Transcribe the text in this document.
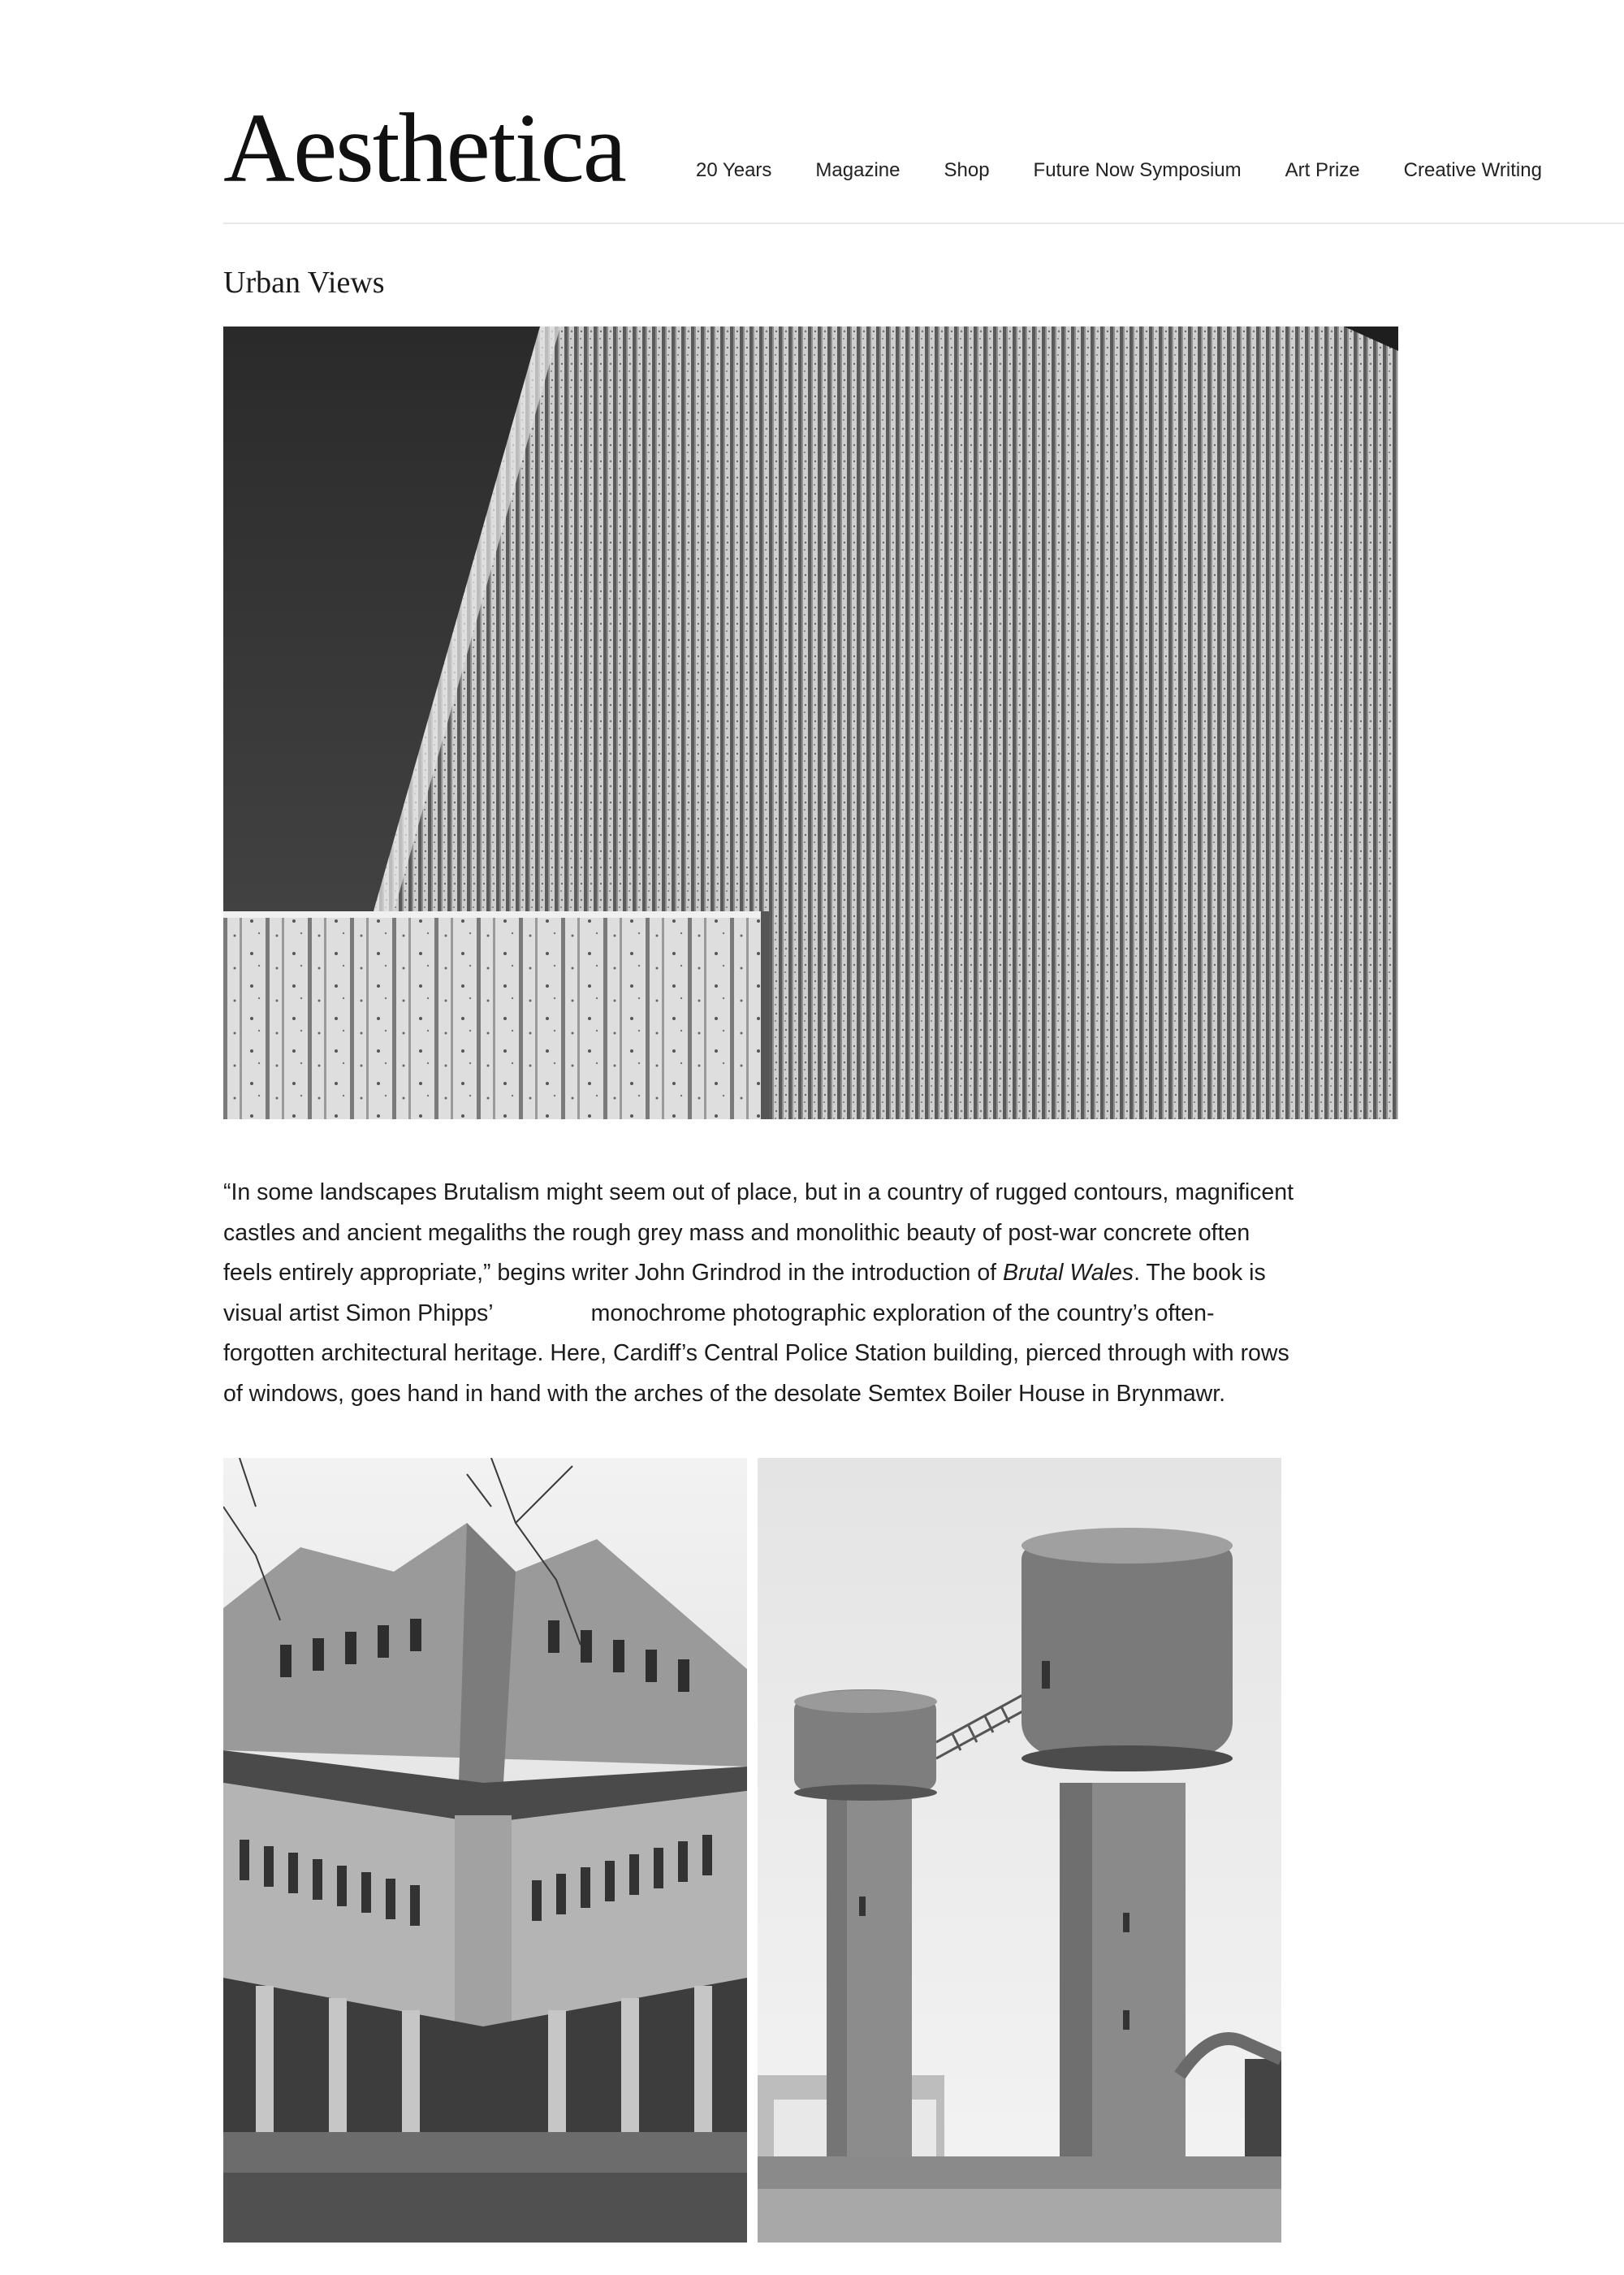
Aesthetica	20 Years Magazine Shop Future Now Symposium Art Prize Creative Writing
Urban Views

“In some landscapes Brutalism might seem out of place, but in a country of rugged contours, magnificent castles and ancient megaliths the rough grey mass and monolithic beauty of post-war concrete often feels entirely appropriate,” begins writer John Grindrod in the introduction of Brutal Wales. The book is visual artist Simon Phipps’	monochrome photographic exploration of the country’s often-forgotten architectural heritage. Here, Cardiff’s Central Police Station building, pierced through with rows of windows, goes hand in hand with the arches of the desolate Semtex Boiler House in Brynmawr.
